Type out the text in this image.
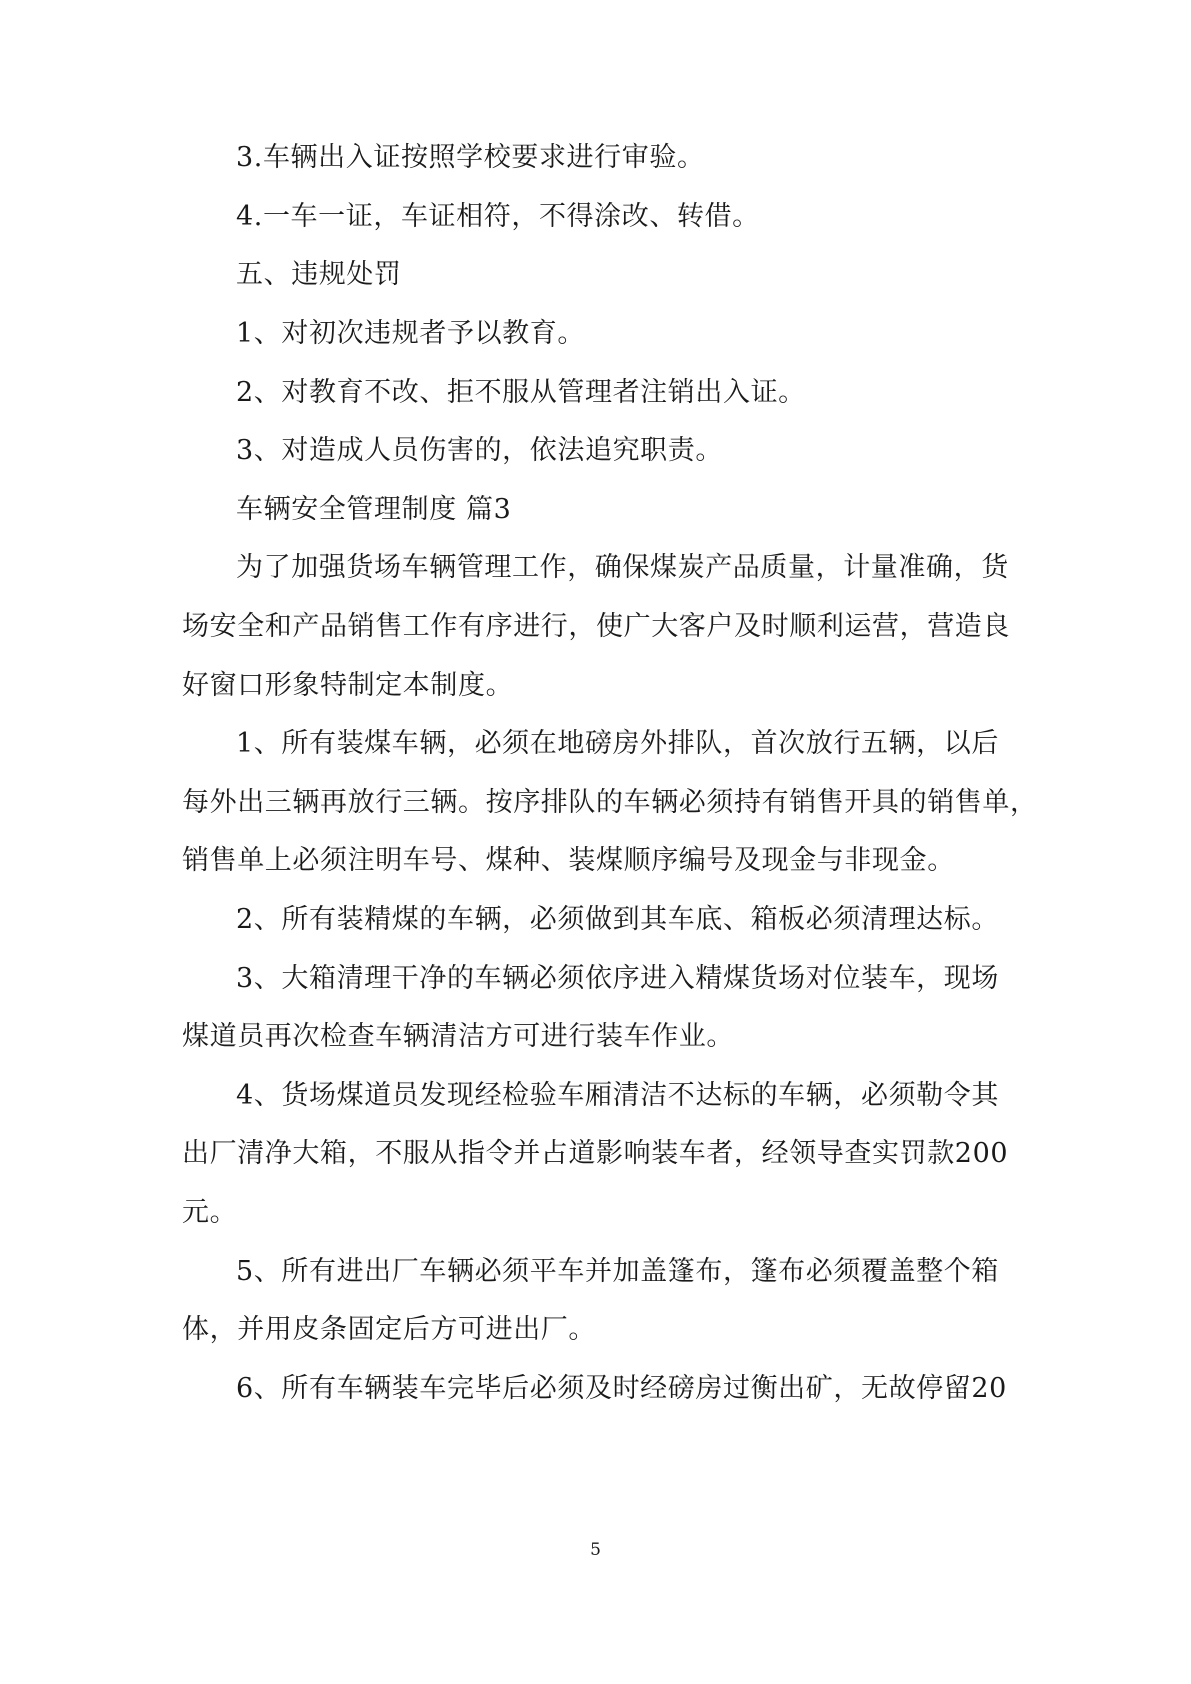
3.车辆出入证按照学校要求进行审验。
4.一车一证，车证相符，不得涂改、转借。
五、违规处罚
1、对初次违规者予以教育。
2、对教育不改、拒不服从管理者注销出入证。
3、对造成人员伤害的，依法追究职责。
车辆安全管理制度 篇3
为了加强货场车辆管理工作，确保煤炭产品质量，计量准确，货
场安全和产品销售工作有序进行，使广大客户及时顺利运营，营造良
好窗口形象特制定本制度。
1、所有装煤车辆，必须在地磅房外排队，首次放行五辆，以后
每外出三辆再放行三辆。按序排队的车辆必须持有销售开具的销售单，
销售单上必须注明车号、煤种、装煤顺序编号及现金与非现金。
2、所有装精煤的车辆，必须做到其车底、箱板必须清理达标。
3、大箱清理干净的车辆必须依序进入精煤货场对位装车，现场
煤道员再次检查车辆清洁方可进行装车作业。
4、货场煤道员发现经检验车厢清洁不达标的车辆，必须勒令其
出厂清净大箱，不服从指令并占道影响装车者，经领导查实罚款200
元。
5、所有进出厂车辆必须平车并加盖篷布，篷布必须覆盖整个箱
体，并用皮条固定后方可进出厂。
6、所有车辆装车完毕后必须及时经磅房过衡出矿，无故停留20
5
